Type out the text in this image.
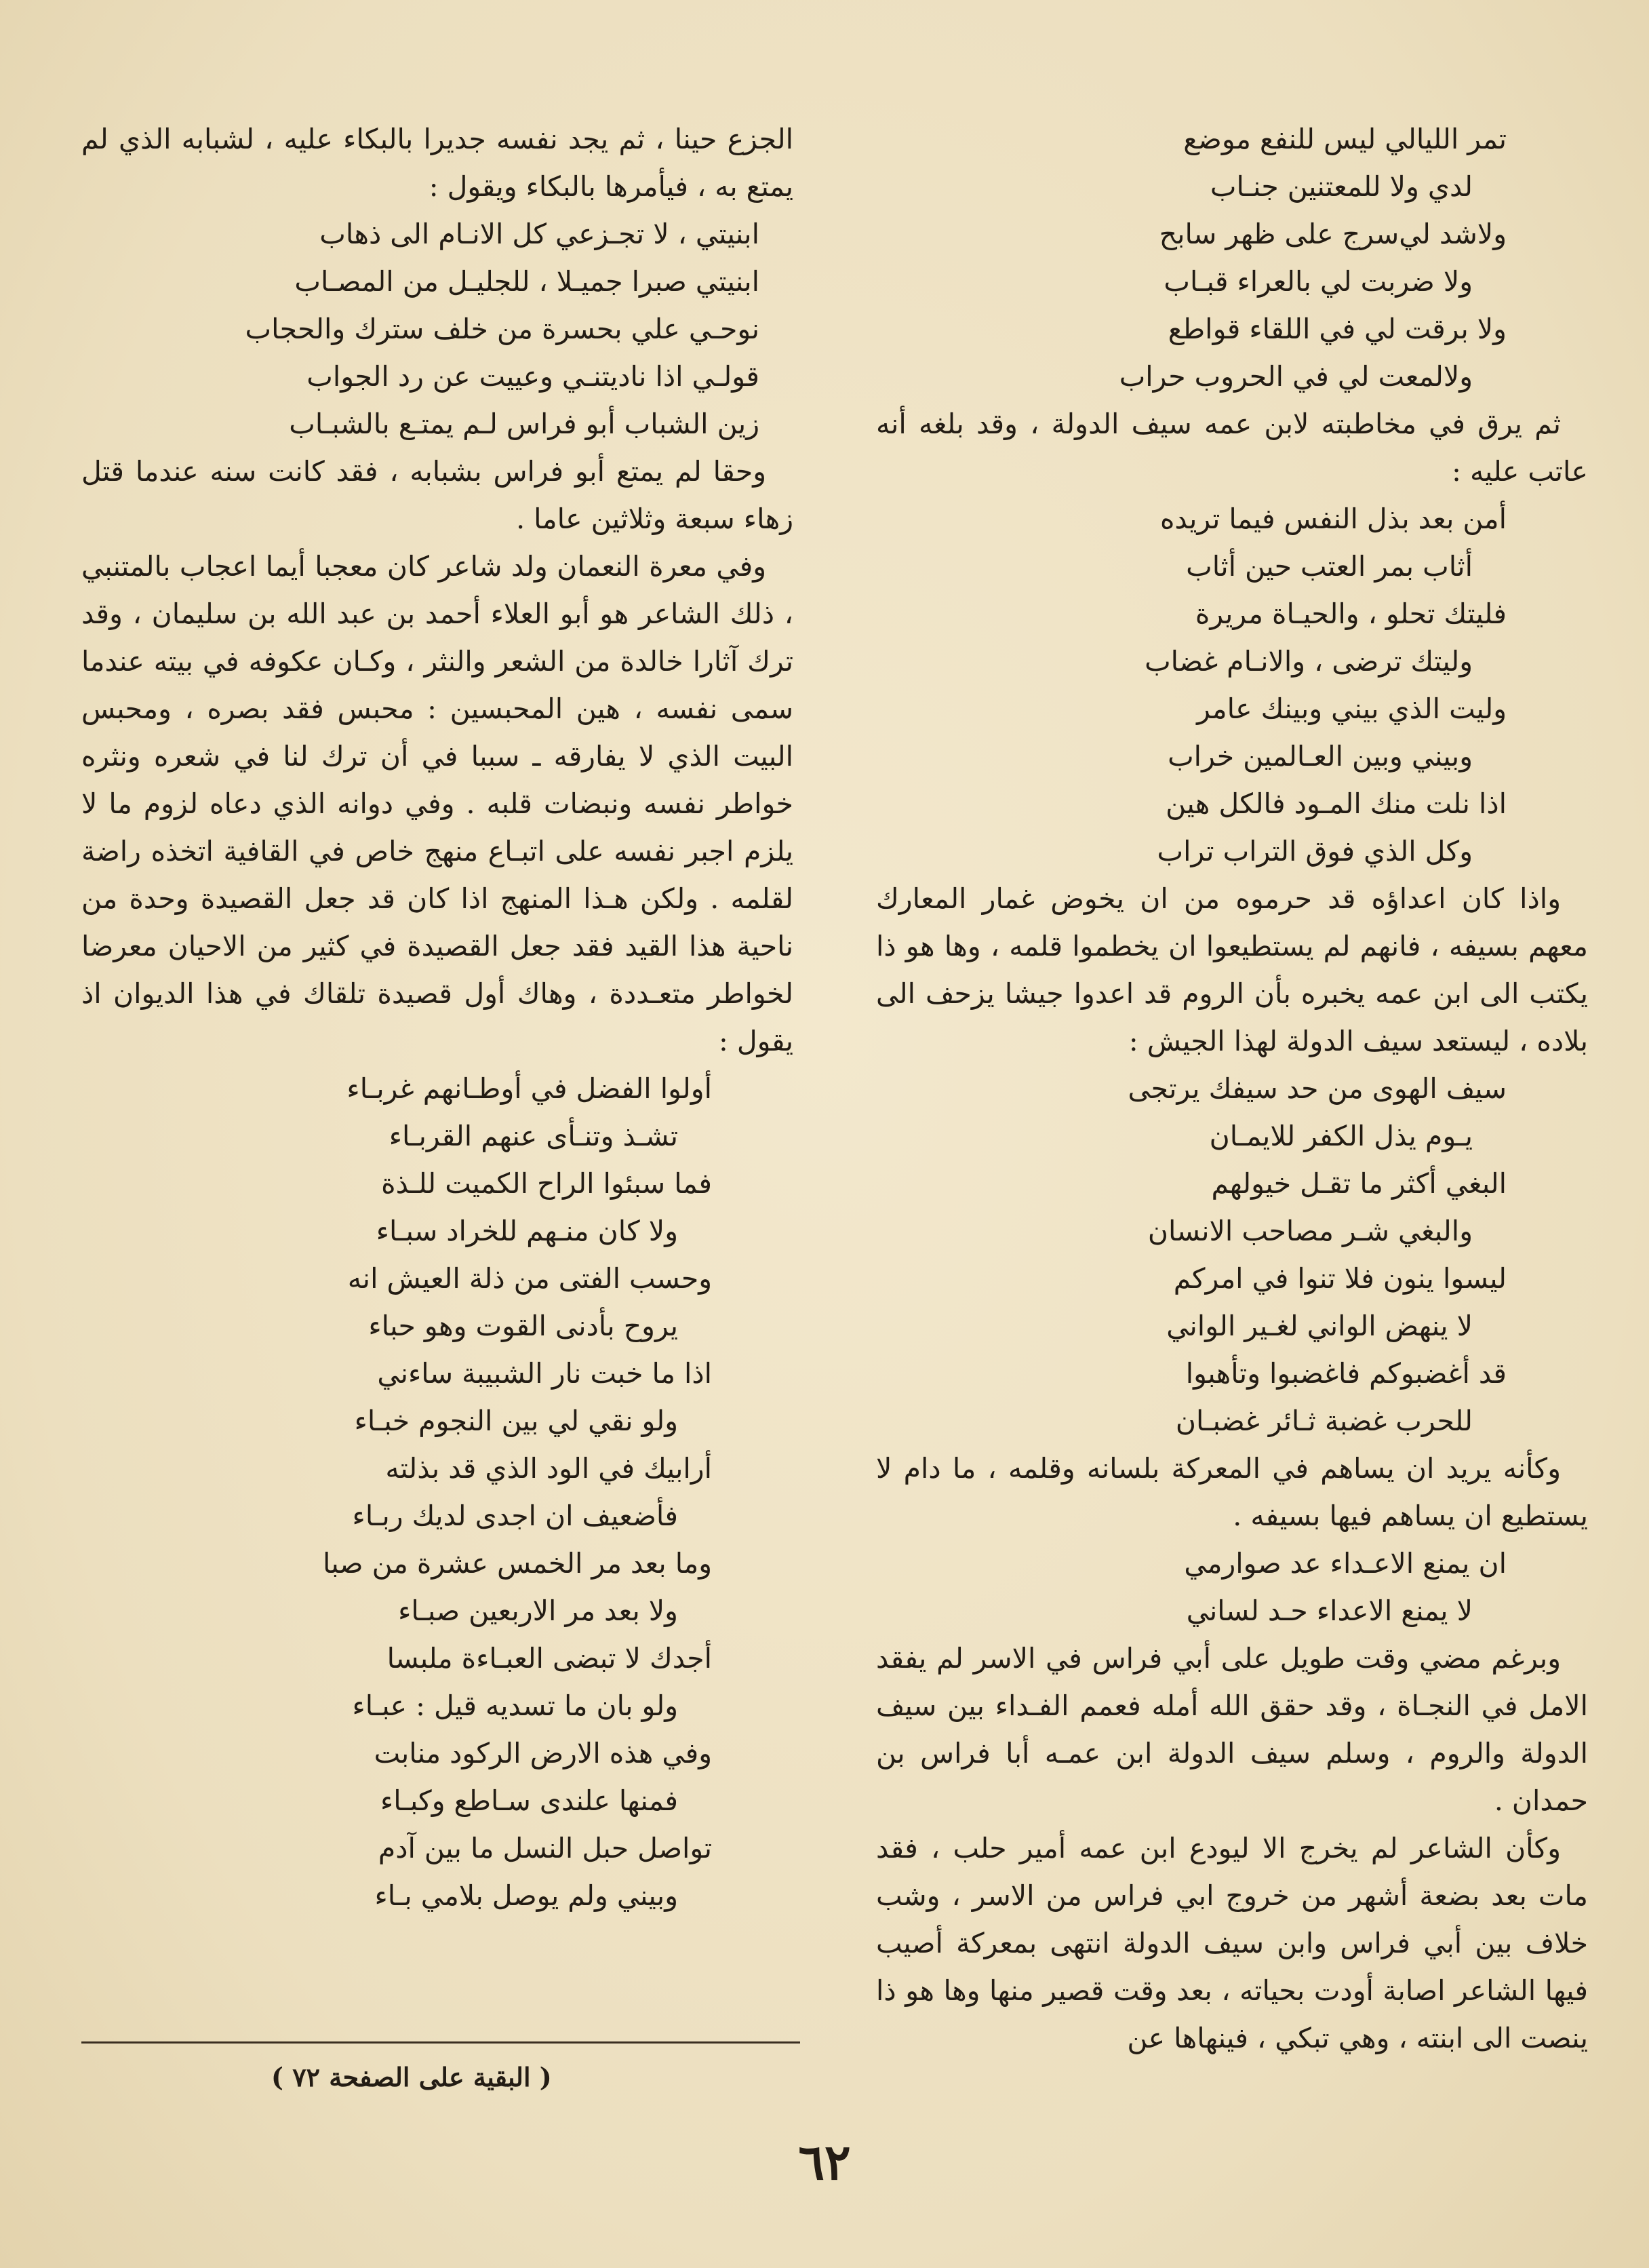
تمر الليالي ليس للنفع موضع
لدي ولا للمعتنين جنـاب
ولاشد لي‌سرج على ظهر سابح
ولا ضربت لي بالعراء قبـاب
ولا برقت لي في اللقاء قواطع
ولالمعت لي في الحروب حراب

ثم يرق في مخاطبته لابن عمه سيف الدولة ، وقد بلغه أنه عاتب عليه :

أمن بعد بذل النفس فيما تريده
أثاب بمر العتب حين أثاب
فليتك تحلو ، والحيـاة مريرة
وليتك ترضى ، والانـام غضاب
وليت الذي بيني وبينك عامر
وبيني وبين العـالمين خراب
اذا نلت منك المـود فالكل هين
وكل الذي فوق التراب تراب

واذا كان اعداؤه قد حرموه من ان يخوض غمار المعارك معهم بسيفه ، فانهم لم يستطيعوا ان يخطموا قلمه ، وها هو ذا يكتب الى ابن عمه يخبره بأن الروم قد اعدوا جيشا يزحف الى بلاده ، ليستعد سيف الدولة لهذا الجيش :

سيف الهوى من حد سيفك يرتجى
يـوم يذل الكفر للايمـان
البغي أكثر ما تقـل خيولهم
والبغي شـر مصاحب الانسان
ليسوا ينون فلا تنوا في امركم
لا ينهض الواني لغـير الواني
قد أغضبوكم فاغضبوا وتأهبوا
للحرب غضبة ثـائر غضبـان

وكأنه يريد ان يساهم في المعركة بلسانه وقلمه ، ما دام لا يستطيع ان يساهم فيها بسيفه .

ان يمنع الاعـداء عد صوارمي
لا يمنع الاعداء حـد لساني

وبرغم مضي وقت طويل على أبي فراس في الاسر لم يفقد الامل في النجـاة ، وقد حقق الله أمله فعمم الفـداء بين سيف الدولة والروم ، وسلم سيف الدولة ابن عمـه أبا فراس بن حمدان .

وكأن الشاعر لم يخرج الا ليودع ابن عمه أمير حلب ، فقد مات بعد بضعة أشهر من خروج ابي فراس من الاسر ، وشب خلاف بين أبي فراس وابن سيف الدولة انتهى بمعركة أصيب فيها الشاعر اصابة أودت بحياته ، بعد وقت قصير منها وها هو ذا ينصت الى ابنته ، وهي تبكي ، فينهاها عن

الجزع حينا ، ثم يجد نفسه جديرا بالبكاء عليه ، لشبابه الذي لم يمتع به ، فيأمرها بالبكاء ويقول :

ابنيتي ، لا تجـزعي كل الانـام الى ذهاب
ابنيتي صبرا جميـلا ، للجليـل من المصـاب
نوحـي علي بحسرة من خلف سترك والحجاب
قولـي اذا ناديتنـي وعييت عن رد الجواب
زين الشباب أبو فراس لـم يمتـع بالشبـاب

وحقا لم يمتع أبو فراس بشبابه ، فقد كانت سنه عندما قتل زهاء سبعة وثلاثين عاما .

وفي معرة النعمان ولد شاعر كان معجبا أيما اعجاب بالمتنبي ، ذلك الشاعر هو أبو العلاء أحمد بن عبد الله بن سليمان ، وقد ترك آثارا خالدة من الشعر والنثر ، وكـان عكوفه في بيته عندما سمى نفسه ، هين المحبسين : محبس فقد بصره ، ومحبس البيت الذي لا يفارقه ـ سببا في أن ترك لنا في شعره ونثره خواطر نفسه ونبضات قلبه . وفي دوانه الذي دعاه لزوم ما لا يلزم اجبر نفسه على اتبـاع منهج خاص في القافية اتخذه راضة لقلمه . ولكن هـذا المنهج اذا كان قد جعل القصيدة وحدة من ناحية هذا القيد فقد جعل القصيدة في كثير من الاحيان معرضا لخواطر متعـددة ، وهاك أول قصيدة تلقاك في هذا الديوان اذ يقول :

أولوا الفضل في أوطـانهم غربـاء
تشـذ وتنـأى عنهم القربـاء
فما سبئوا الراح الكميت للـذة
ولا كان منـهم للخراد سبـاء
وحسب الفتى من ذلة العيش انه
يروح بأدنى القوت وهو حباء
اذا ما خبت نار الشبيبة ساءني
ولو نقي لي بين النجوم خبـاء
أرابيك في الود الذي قد بذلته
فأضعيف ان اجدى لديك ربـاء
وما بعد مر الخمس عشرة من صبا
ولا بعد مر الاربعين صبـاء
أجدك لا تبضى العبـاءة ملبسا
ولو بان ما تسديه قيل : عبـاء
وفي هذه الارض الركود منابت
فمنها علندى سـاطع وكبـاء
تواصل حبل النسل ما بين آدم
وبيني ولم يوصل بلامي بـاء
( البقية على الصفحة ٧٢ )
٦٢
